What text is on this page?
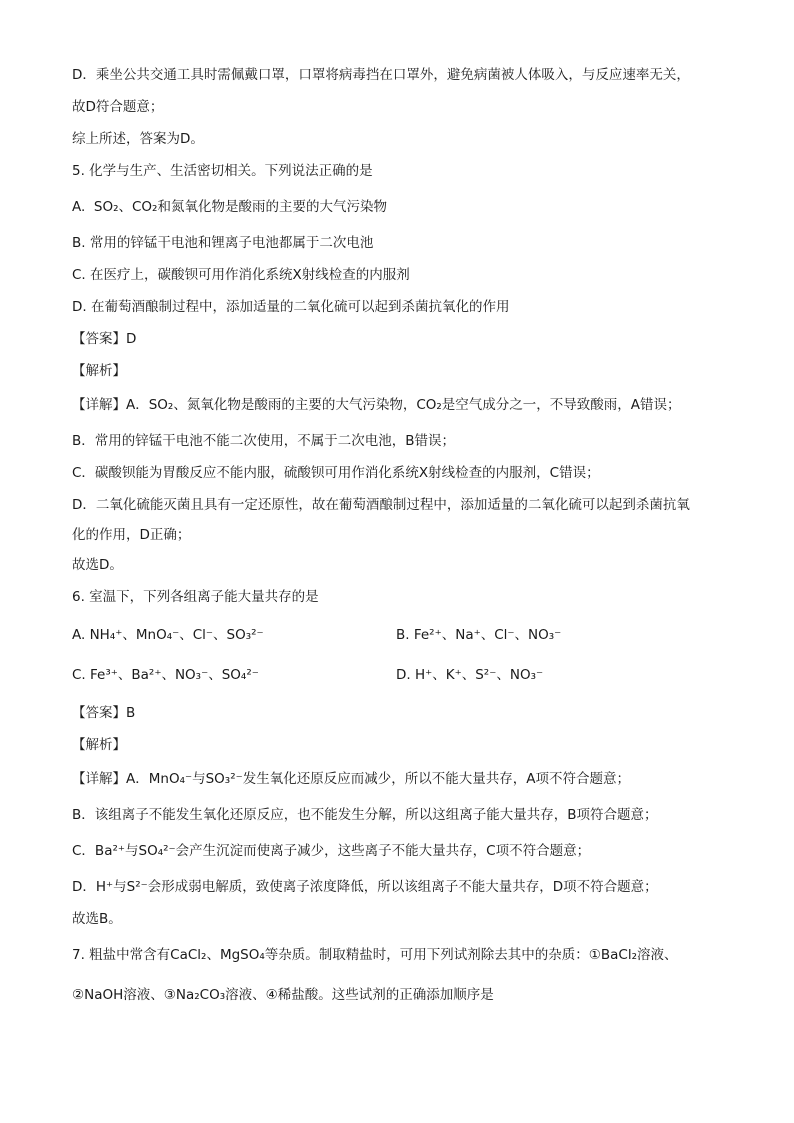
D．乘坐公共交通工具时需佩戴口罩，口罩将病毒挡在口罩外，避免病菌被人体吸入，与反应速率无关，
故D符合题意；
综上所述，答案为D。
5. 化学与生产、生活密切相关。下列说法正确的是
A. SO₂、CO₂和氮氧化物是酸雨的主要的大气污染物
B. 常用的锌锰干电池和锂离子电池都属于二次电池
C. 在医疗上，碳酸钡可用作消化系统X射线检查的内服剂
D. 在葡萄酒酿制过程中，添加适量的二氧化硫可以起到杀菌抗氧化的作用
【答案】D
【解析】
【详解】A．SO₂、氮氧化物是酸雨的主要的大气污染物，CO₂是空气成分之一，不导致酸雨，A错误；
B．常用的锌锰干电池不能二次使用，不属于二次电池，B错误；
C．碳酸钡能为胃酸反应不能内服，硫酸钡可用作消化系统X射线检查的内服剂，C错误；
D．二氧化硫能灭菌且具有一定还原性，故在葡萄酒酿制过程中，添加适量的二氧化硫可以起到杀菌抗氧
化的作用，D正确；
故选D。
6. 室温下，下列各组离子能大量共存的是
A. NH₄⁺、MnO₄⁻、Cl⁻、SO₃²⁻	B. Fe²⁺、Na⁺、Cl⁻、NO₃⁻
C. Fe³⁺、Ba²⁺、NO₃⁻、SO₄²⁻	D. H⁺、K⁺、S²⁻、NO₃⁻
【答案】B
【解析】
【详解】A．MnO₄⁻与SO₃²⁻发生氧化还原反应而减少，所以不能大量共存，A项不符合题意；
B．该组离子不能发生氧化还原反应，也不能发生分解，所以这组离子能大量共存，B项符合题意；
C．Ba²⁺与SO₄²⁻会产生沉淀而使离子减少，这些离子不能大量共存，C项不符合题意；
D．H⁺与S²⁻会形成弱电解质，致使离子浓度降低，所以该组离子不能大量共存，D项不符合题意；
故选B。
7. 粗盐中常含有CaCl₂、MgSO₄等杂质。制取精盐时，可用下列试剂除去其中的杂质：①BaCl₂溶液、
②NaOH溶液、③Na₂CO₃溶液、④稀盐酸。这些试剂的正确添加顺序是
